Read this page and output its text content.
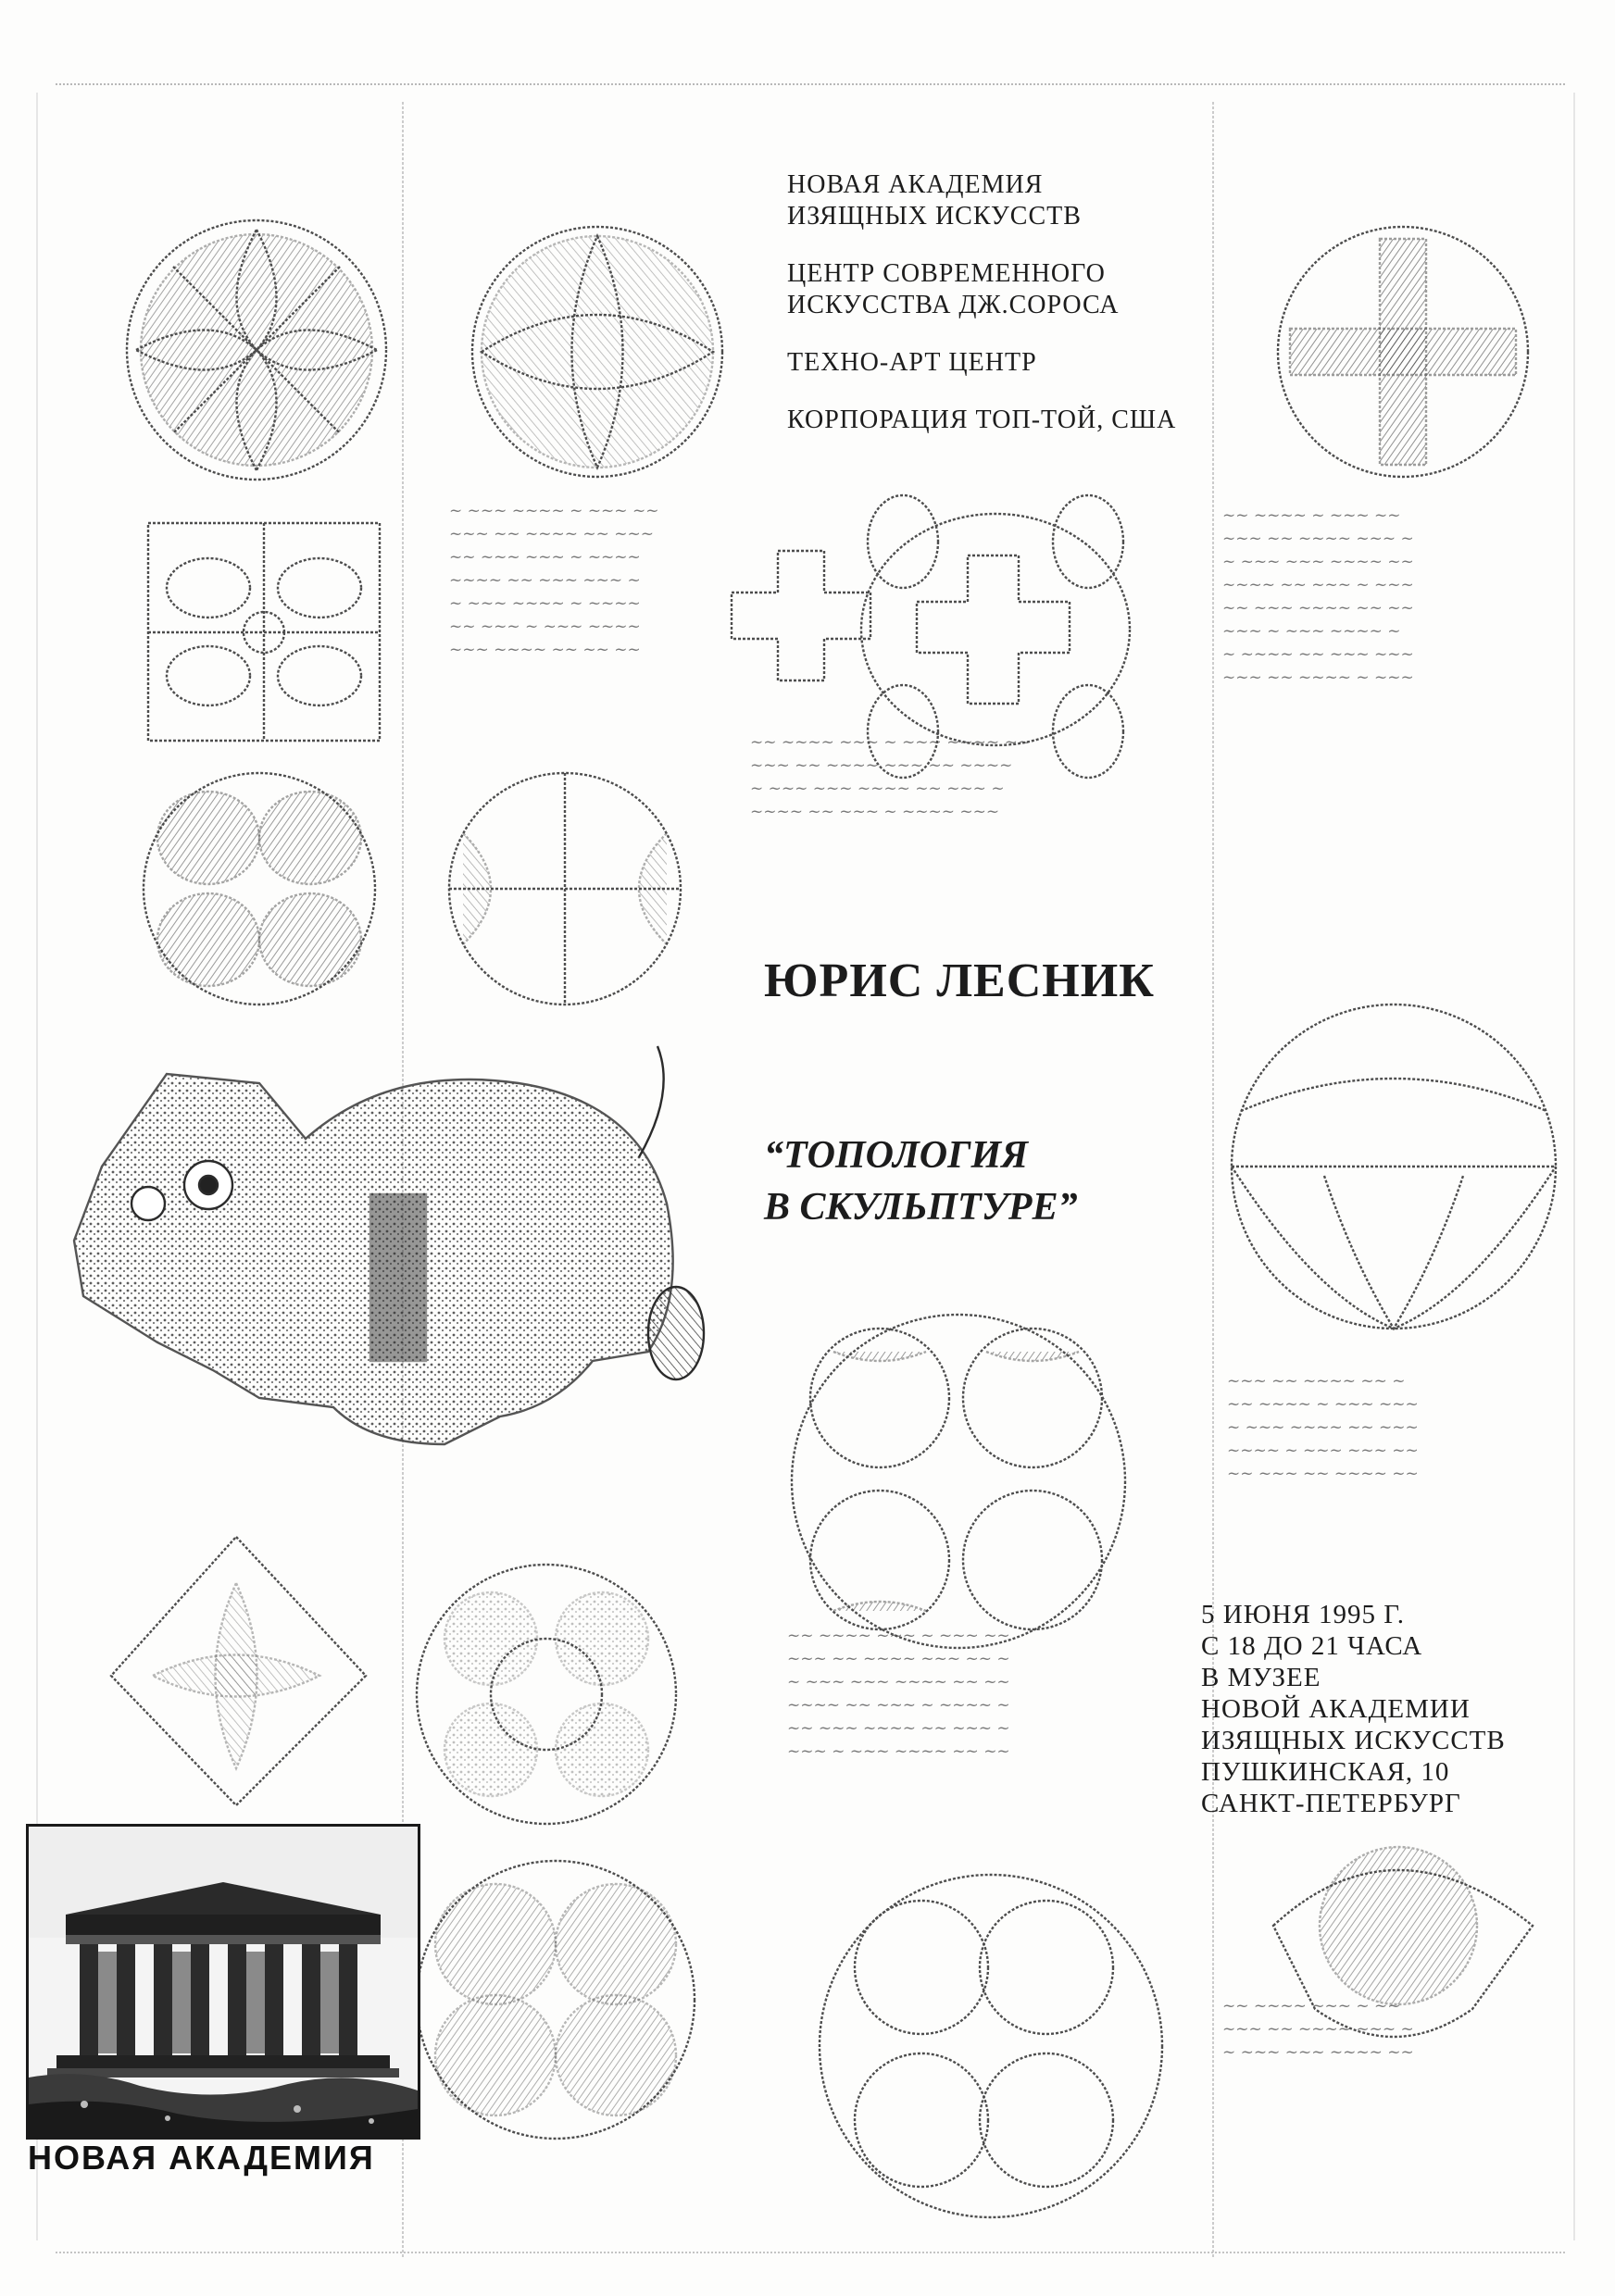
~ ~~~ ~~~~ ~ ~~~ ~~
~~~ ~~ ~~~~ ~~ ~~~
~~ ~~~ ~~~ ~ ~~~~
~~~~ ~~ ~~~ ~~~ ~
~ ~~~ ~~~~ ~ ~~~~
~~ ~~~ ~ ~~~ ~~~~
~~~ ~~~~ ~~ ~~ ~~
~~ ~~~~ ~ ~~~ ~~
~~~ ~~ ~~~~ ~~~ ~
~ ~~~ ~~~ ~~~~ ~~
~~~~ ~~ ~~~ ~ ~~~
~~ ~~~ ~~~~ ~~ ~~
~~~ ~ ~~~ ~~~~ ~
~ ~~~~ ~~ ~~~ ~~~
~~~ ~~ ~~~~ ~ ~~~
~~ ~~~~ ~~~ ~ ~~~ ~~~~ ~~
~~~ ~~ ~~~~ ~~~ ~~ ~~~~
~ ~~~ ~~~ ~~~~ ~~ ~~~ ~
~~~~ ~~ ~~~ ~ ~~~~ ~~~
~~~ ~~ ~~~~ ~~ ~
~~ ~~~~ ~ ~~~ ~~~
~ ~~~ ~~~~ ~~ ~~~
~~~~ ~ ~~~ ~~~ ~~
~~ ~~~ ~~ ~~~~ ~~
~~ ~~~~ ~~~ ~ ~~~ ~~
~~~ ~~ ~~~~ ~~~ ~~ ~
~ ~~~ ~~~ ~~~~ ~~ ~~
~~~~ ~~ ~~~ ~ ~~~~ ~
~~ ~~~ ~~~~ ~~ ~~~ ~
~~~ ~ ~~~ ~~~~ ~~ ~~
~~ ~~~~ ~~~ ~ ~~
~~~ ~~ ~~~~ ~~~ ~
~ ~~~ ~~~ ~~~~ ~~
НОВАЯ АКАДЕМИЯ
ИЗЯЩНЫХ ИСКУССТВ
ЦЕНТР СОВРЕМЕННОГО
ИСКУССТВА ДЖ.СОРОСА
ТЕХНО-АРТ ЦЕНТР
КОРПОРАЦИЯ ТОП-ТОЙ, США
ЮРИС ЛЕСНИК
“ТОПОЛОГИЯ
В СКУЛЬПТУРЕ”
5 ИЮНЯ 1995 Г.
С 18 ДО 21 ЧАСА
В МУЗЕЕ
НОВОЙ АКАДЕМИИ
ИЗЯЩНЫХ ИСКУССТВ
ПУШКИНСКАЯ, 10
САНКТ-ПЕТЕРБУРГ
НОВАЯ АКАДЕМИЯ
